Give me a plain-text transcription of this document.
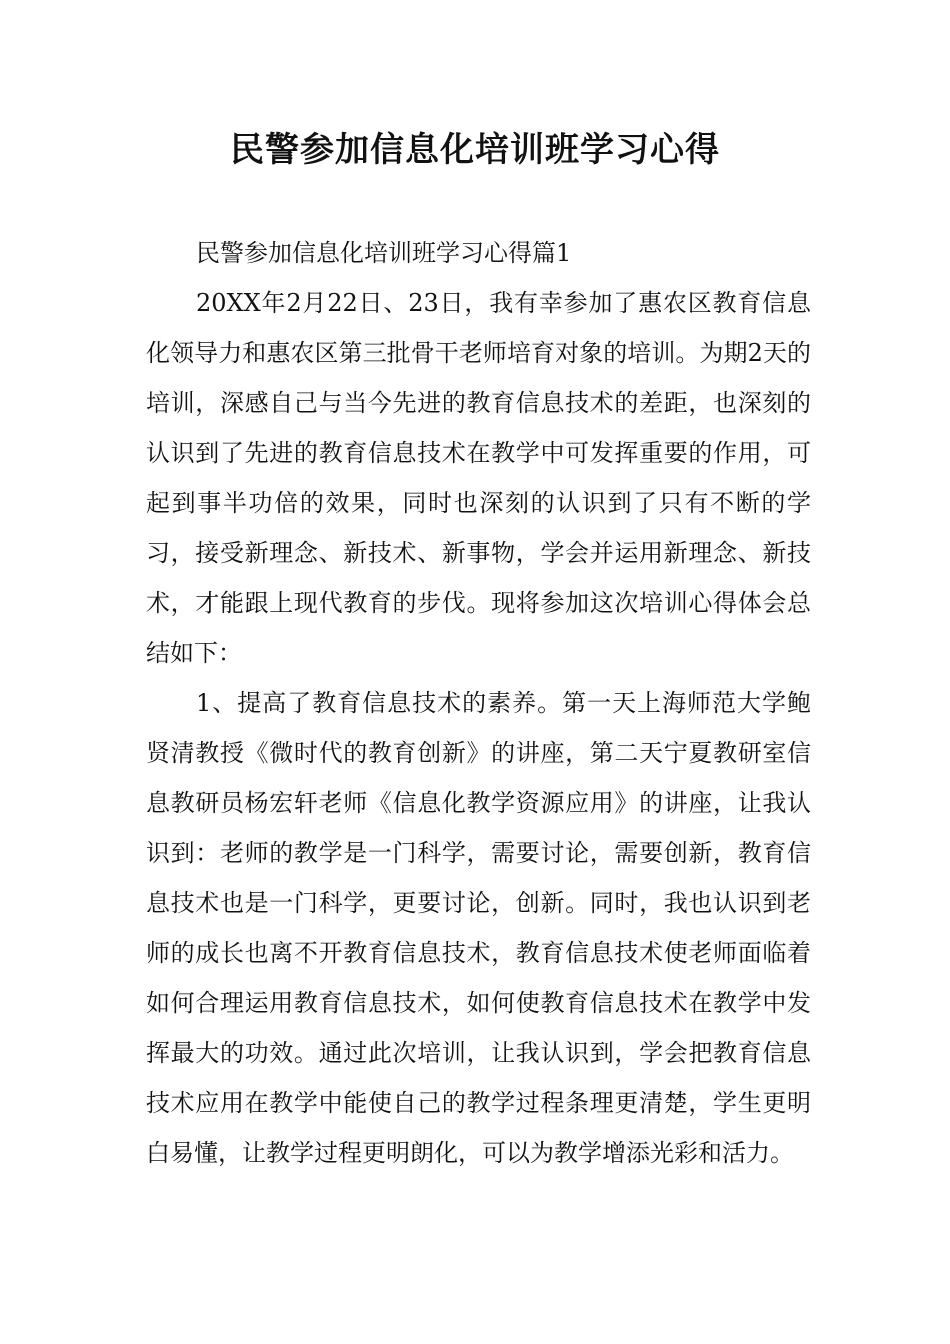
民警参加信息化培训班学习心得

民警参加信息化培训班学习心得篇1

20XX年2月22日、23日，我有幸参加了惠农区教育信息化领导力和惠农区第三批骨干老师培育对象的培训。为期2天的培训，深感自己与当今先进的教育信息技术的差距，也深刻的认识到了先进的教育信息技术在教学中可发挥重要的作用，可起到事半功倍的效果，同时也深刻的认识到了只有不断的学习，接受新理念、新技术、新事物，学会并运用新理念、新技术，才能跟上现代教育的步伐。现将参加这次培训心得体会总结如下：

1、提高了教育信息技术的素养。第一天上海师范大学鲍贤清教授《微时代的教育创新》的讲座，第二天宁夏教研室信息教研员杨宏轩老师《信息化教学资源应用》的讲座，让我认识到：老师的教学是一门科学，需要讨论，需要创新，教育信息技术也是一门科学，更要讨论，创新。同时，我也认识到老师的成长也离不开教育信息技术，教育信息技术使老师面临着如何合理运用教育信息技术，如何使教育信息技术在教学中发挥最大的功效。通过此次培训，让我认识到，学会把教育信息技术应用在教学中能使自己的教学过程条理更清楚，学生更明白易懂，让教学过程更明朗化，可以为教学增添光彩和活力。
